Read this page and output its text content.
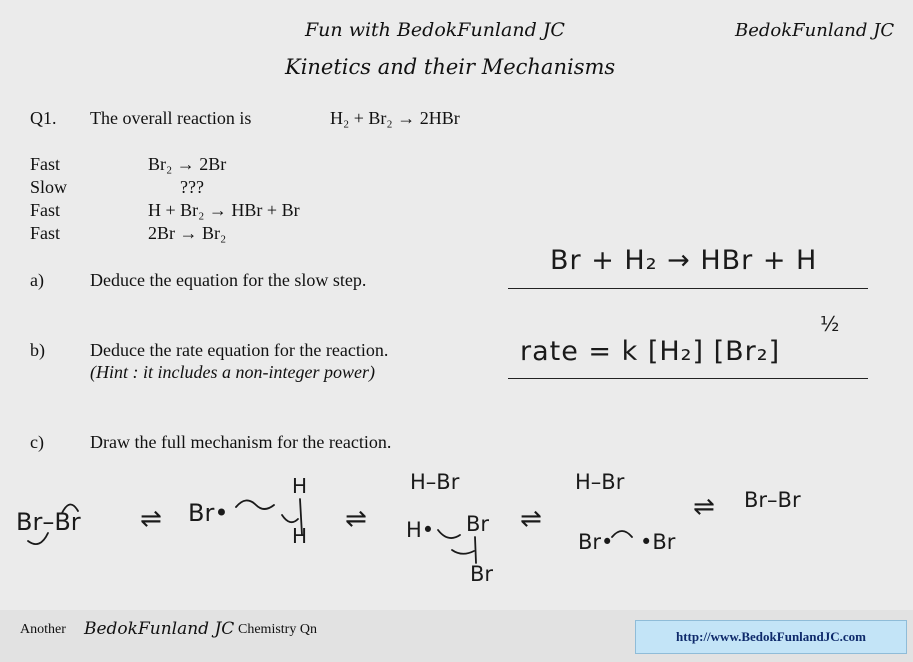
Fun with BedokFunland JC
Kinetics and their Mechanisms
BedokFunland JC
Q1. The overall reaction is	H₂ + Br₂ → 2HBr
Fast	Br₂ → 2Br
Slow	???
Fast	H + Br₂ → HBr + Br
Fast	2Br → Br₂
a)	Deduce the equation for the slow step.
Br + H₂ → HBr + H
b)	Deduce the rate equation for the reaction.
(Hint : it includes a non-integer power)
rate = k [H₂] [Br₂]
½
c)	Draw the full mechanism for the reaction.
Br–Br ⇌ Br•
H
H
⇌
H–Br
H• Br
Br
⇌
H–Br
Br• •Br
⇌ Br–Br
Another BedokFunland JC Chemistry Qn	http://www.BedokFunlandJC.com
